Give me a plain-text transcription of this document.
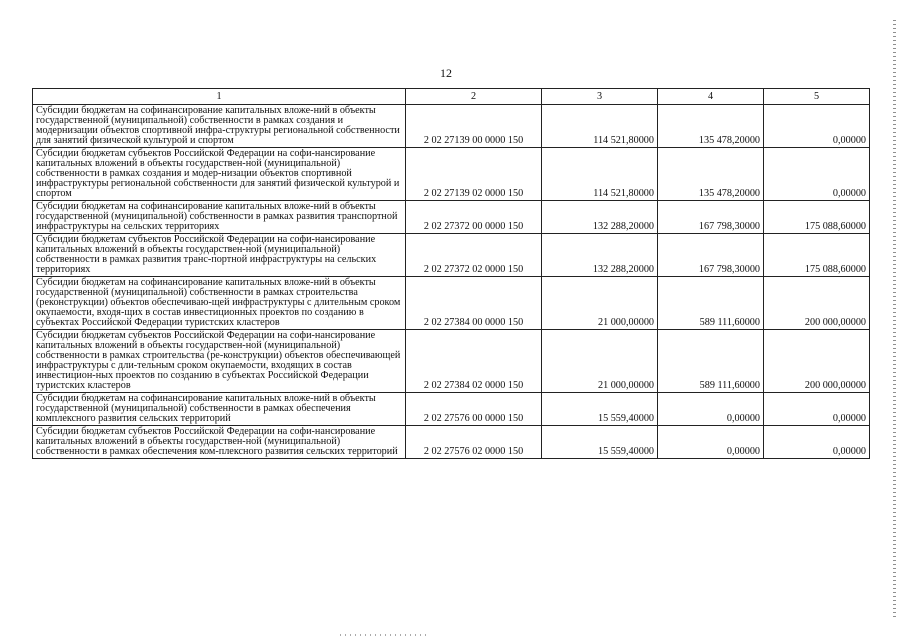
12
1	2	3	4	5
Субсидии бюджетам на софинансирование капитальных вложе-ний в объекты государственной (муниципальной) собственности в рамках создания и модернизации объектов спортивной инфра-структуры региональной собственности для занятий физической культурой и спортом	2 02 27139 00 0000 150	114 521,80000	135 478,20000	0,00000
Субсидии бюджетам субъектов Российской Федерации на софи-нансирование капитальных вложений в объекты государствен-ной (муниципальной) собственности в рамках создания и модер-низации объектов спортивной инфраструктуры региональной собственности для занятий физической культурой и спортом	2 02 27139 02 0000 150	114 521,80000	135 478,20000	0,00000
Субсидии бюджетам на софинансирование капитальных вложе-ний в объекты государственной (муниципальной) собственности в рамках развития транспортной инфраструктуры на сельских территориях	2 02 27372 00 0000 150	132 288,20000	167 798,30000	175 088,60000
Субсидии бюджетам субъектов Российской Федерации на софи-нансирование капитальных вложений в объекты государствен-ной (муниципальной) собственности в рамках развития транс-портной инфраструктуры на сельских территориях	2 02 27372 02 0000 150	132 288,20000	167 798,30000	175 088,60000
Субсидии бюджетам на софинансирование капитальных вложе-ний в объекты государственной (муниципальной) собственности в рамках строительства (реконструкции) объектов обеспечиваю-щей инфраструктуры с длительным сроком окупаемости, входя-щих в состав инвестиционных проектов по созданию в субъектах Российской Федерации туристских кластеров	2 02 27384 00 0000 150	21 000,00000	589 111,60000	200 000,00000
Субсидии бюджетам субъектов Российской Федерации на софи-нансирование капитальных вложений в объекты государствен-ной (муниципальной) собственности в рамках строительства (ре-конструкции) объектов обеспечивающей инфраструктуры с дли-тельным сроком окупаемости, входящих в состав инвестицион-ных проектов по созданию в субъектах Российской Федерации туристских кластеров	2 02 27384 02 0000 150	21 000,00000	589 111,60000	200 000,00000
Субсидии бюджетам на софинансирование капитальных вложе-ний в объекты государственной (муниципальной) собственности в рамках обеспечения комплексного развития сельских территорий	2 02 27576 00 0000 150	15 559,40000	0,00000	0,00000
Субсидии бюджетам субъектов Российской Федерации на софи-нансирование капитальных вложений в объекты государствен-ной (муниципальной) собственности в рамках обеспечения ком-плексного развития сельских территорий	2 02 27576 02 0000 150	15 559,40000	0,00000	0,00000
